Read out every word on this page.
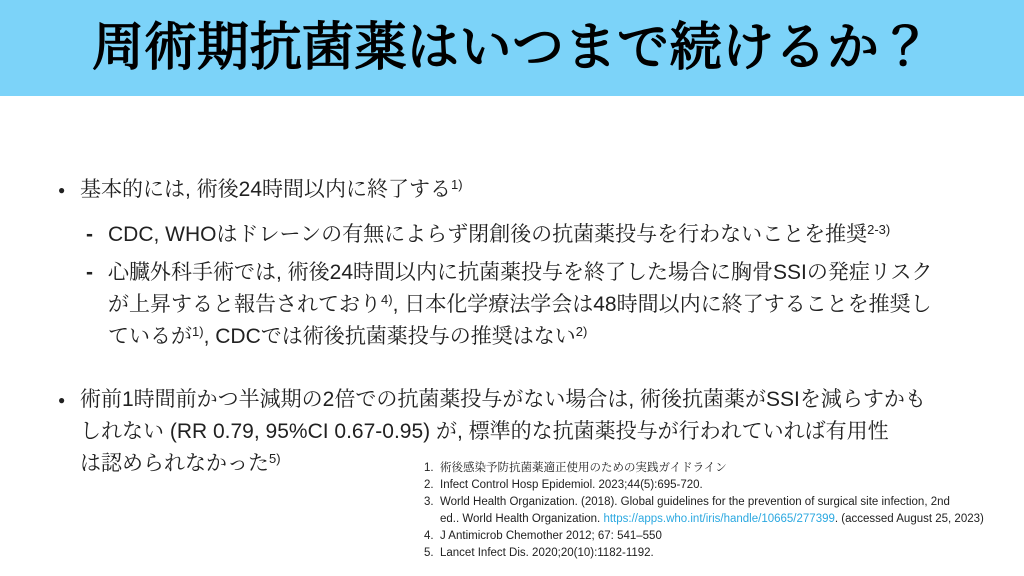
周術期抗菌薬はいつまで続けるか？
● 基本的には, 術後24時間以内に終了する$^{1)}$
- CDC, WHOはドレーンの有無によらず閉創後の抗菌薬投与を行わないことを推奨$^{2-3)}$
- 心臓外科手術では, 術後24時間以内に抗菌薬投与を終了した場合に胸骨SSIの発症リスク
が上昇すると報告されており$^{4)}$, 日本化学療法学会は48時間以内に終了することを推奨し
ているが$^{1)}$, CDCでは術後抗菌薬投与の推奨はない$^{2)}$
● 術前1時間前かつ半減期の2倍での抗菌薬投与がない場合は, 術後抗菌薬がSSIを減らすかも
しれない (RR 0.79, 95%CI 0.67-0.95) が, 標準的な抗菌薬投与が行われていれば有用性
は認められなかった$^{5)}$
1. 術後感染予防抗菌薬適正使用のための実践ガイドライン
2. Infect Control Hosp Epidemiol. 2023;44(5):695-720.
3. World Health Organization. (2018). Global guidelines for the prevention of surgical site infection, 2nd
ed.. World Health Organization. https://apps.who.int/iris/handle/10665/277399. (accessed August 25, 2023)
4. J Antimicrob Chemother 2012; 67: 541–550
5. Lancet Infect Dis. 2020;20(10):1182-1192.
